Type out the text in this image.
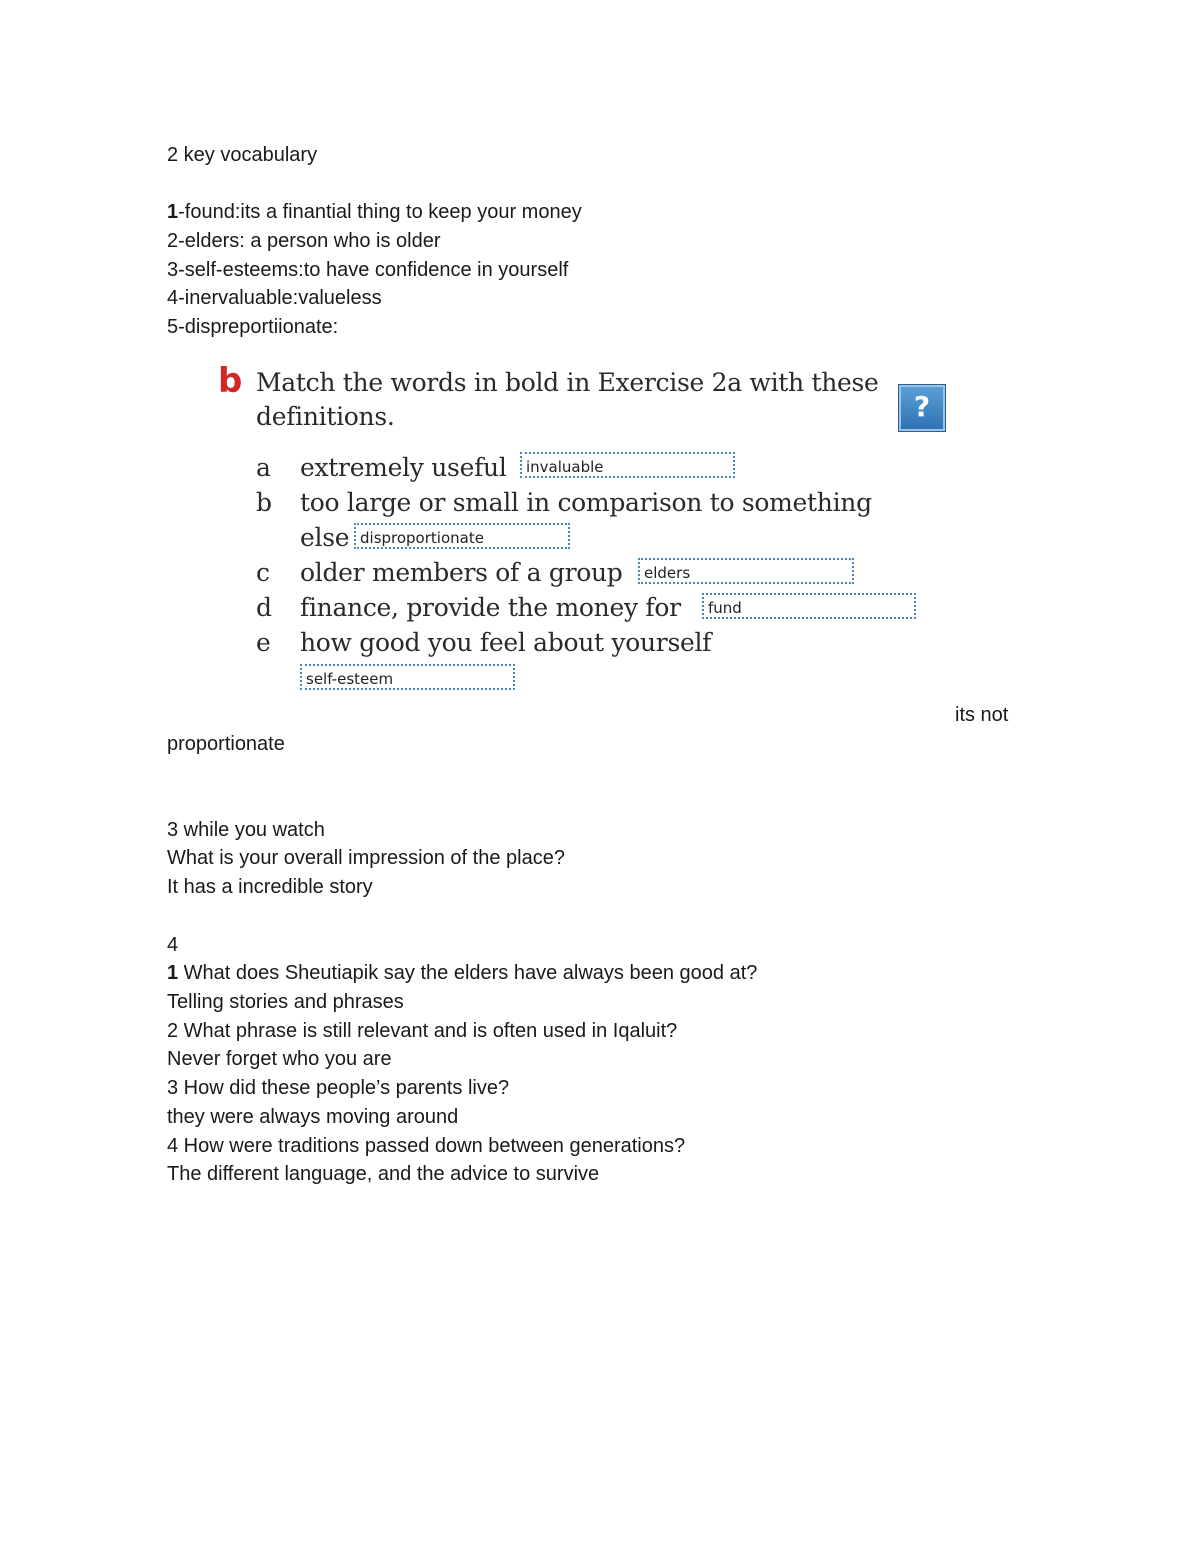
2 key vocabulary
1-found:its a finantial thing to keep your money
2-elders: a person who is older
3-self-esteems:to have confidence in yourself
4-inervaluable:valueless
5-dispreportiionate:
b Match the words in bold in Exercise 2a with these definitions.	?
a extremely useful	invaluable
b too large or small in comparison to something
else disproportionate
c older members of a group	elders
d finance, provide the money for	fund
e how good you feel about yourself
self-esteem
its not
proportionate
3 while you watch
What is your overall impression of the place?
It has a incredible story
4
1 What does Sheutiapik say the elders have always been good at?
Telling stories and phrases
2 What phrase is still relevant and is often used in Iqaluit?
Never forget who you are
3 How did these people’s parents live?
they were always moving around
4 How were traditions passed down between generations?
The different language, and the advice to survive
